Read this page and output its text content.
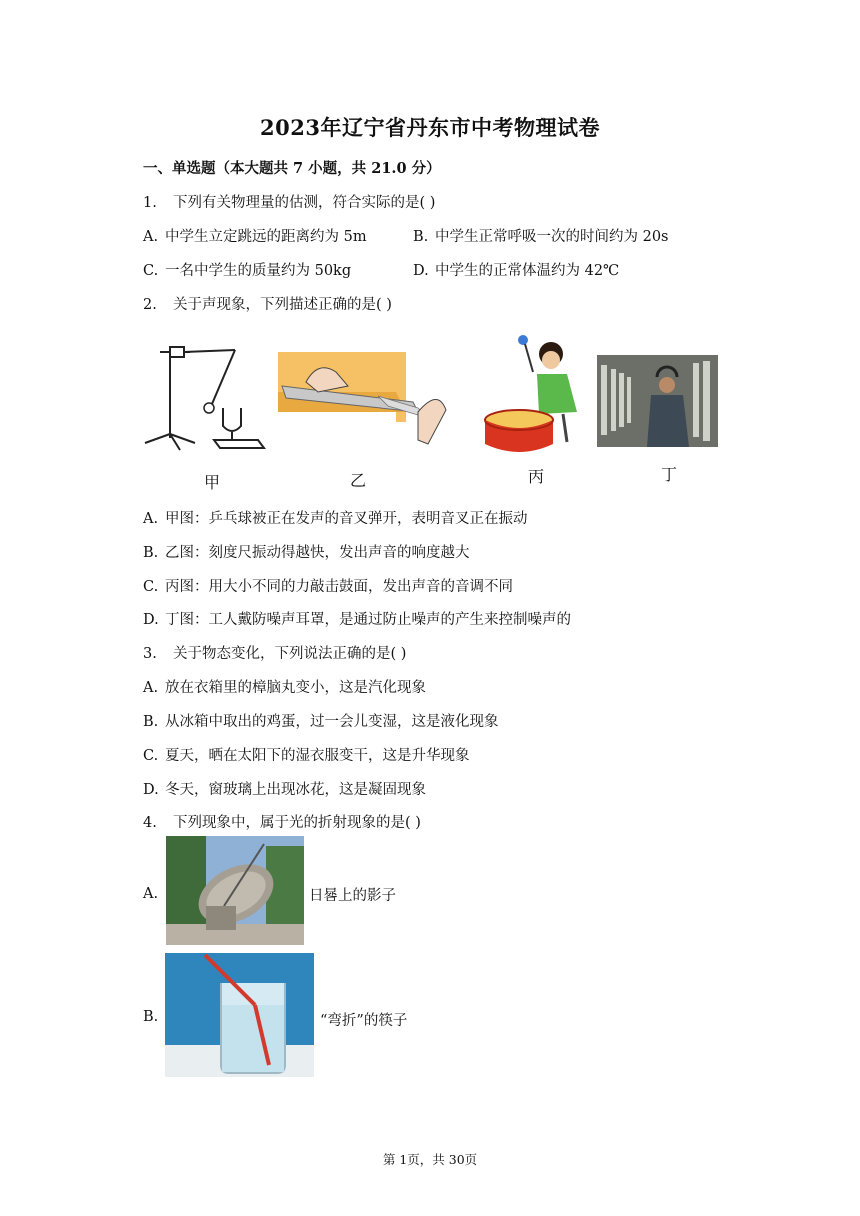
2023年辽宁省丹东市中考物理试卷
一、单选题（本大题共 7 小题，共 21.0 分）
1. 下列有关物理量的估测，符合实际的是( )
A. 中学生立定跳远的距离约为 5m	B. 中学生正常呼吸一次的时间约为 20s
C. 一名中学生的质量约为 50kg	D. 中学生的正常体温约为 42℃
2. 关于声现象，下列描述正确的是( )
甲	乙	丙	丁
A. 甲图：乒乓球被正在发声的音叉弹开，表明音叉正在振动
B. 乙图：刻度尺振动得越快，发出声音的响度越大
C. 丙图：用大小不同的力敲击鼓面，发出声音的音调不同
D. 丁图：工人戴防噪声耳罩，是通过防止噪声的产生来控制噪声的
3. 关于物态变化，下列说法正确的是( )
A. 放在衣箱里的樟脑丸变小，这是汽化现象
B. 从冰箱中取出的鸡蛋，过一会儿变湿，这是液化现象
C. 夏天，晒在太阳下的湿衣服变干，这是升华现象
D. 冬天，窗玻璃上出现冰花，这是凝固现象
4. 下列现象中，属于光的折射现象的是( )
A.	日晷上的影子
B.	“弯折”的筷子
第 1页，共 30页
